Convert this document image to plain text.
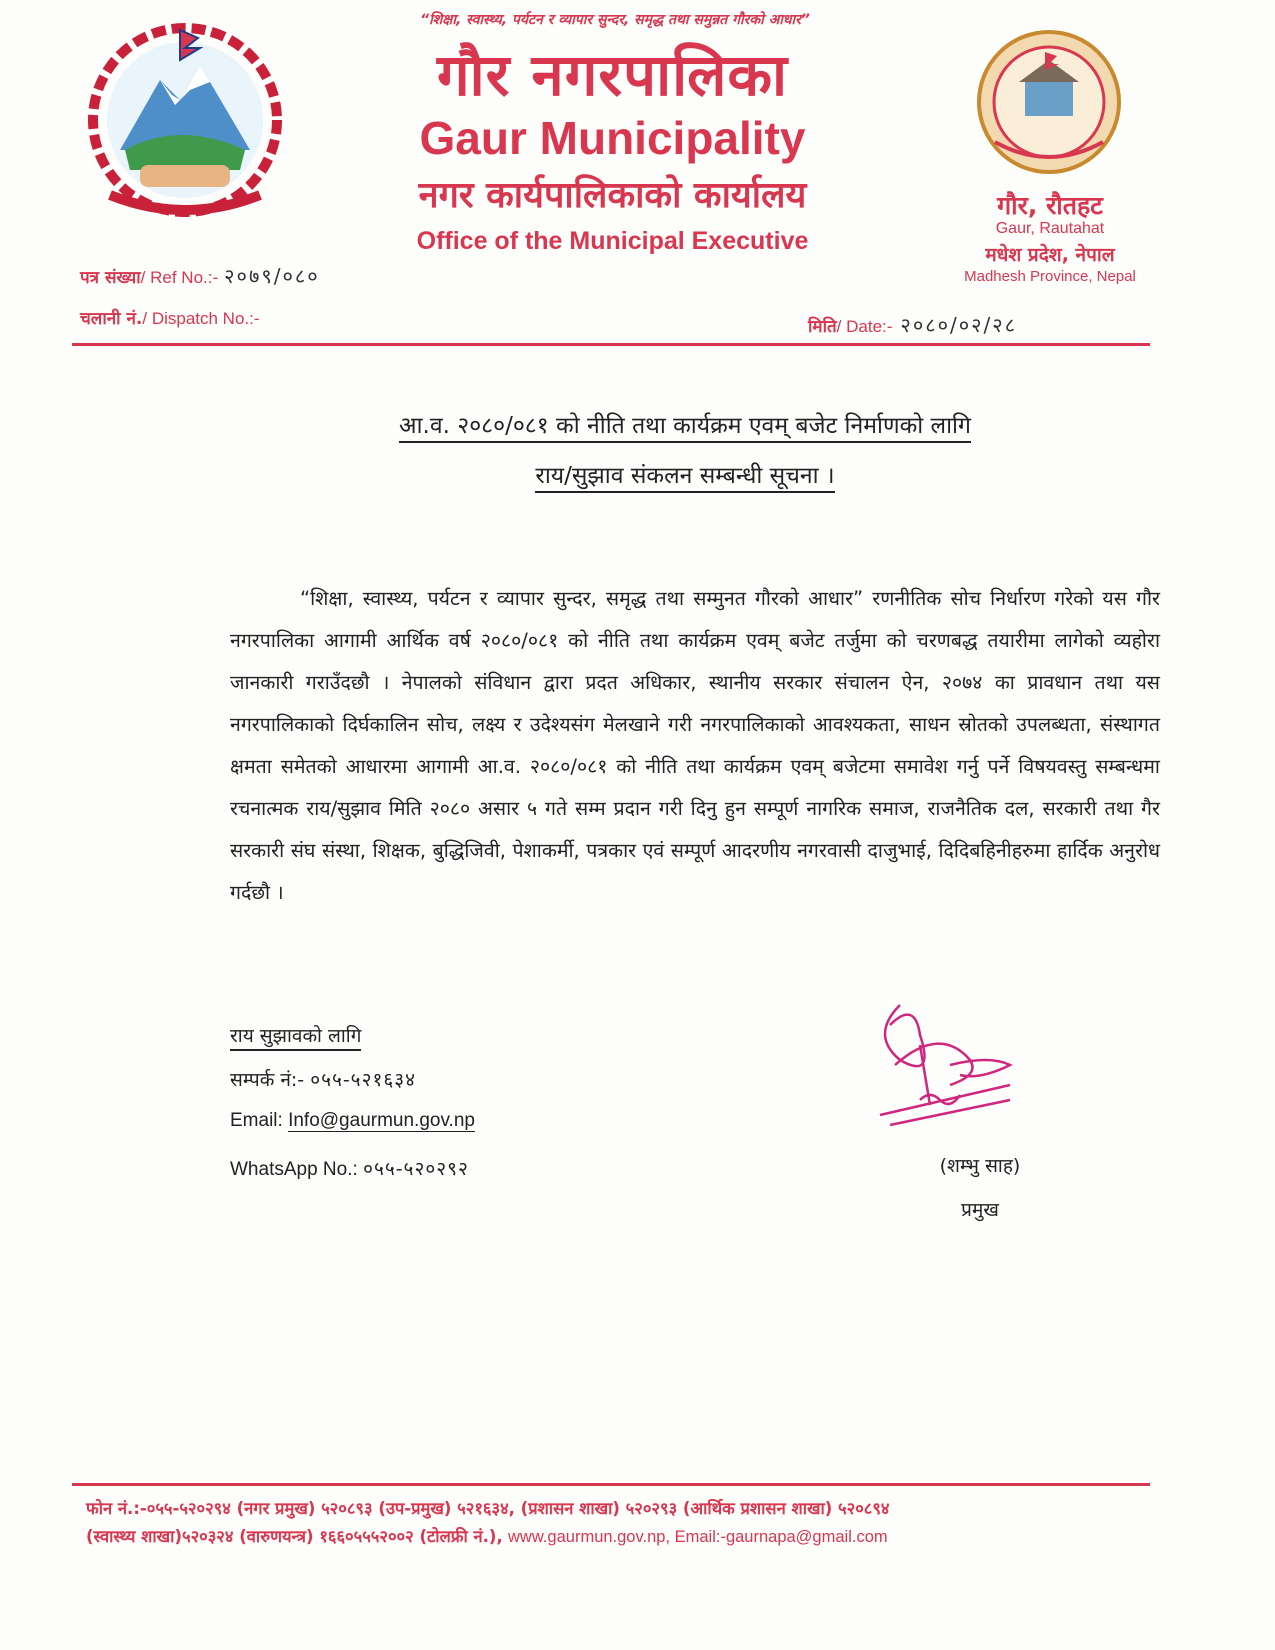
“शिक्षा, स्वास्थ्य, पर्यटन र व्यापार सुन्दर, समृद्ध तथा समुन्नत गौरको आधार”
गौर नगरपालिका
Gaur Municipality
नगर कार्यपालिकाको कार्यालय
Office of the Municipal Executive
गौर, रौतहट
Gaur, Rautahat
मधेश प्रदेश, नेपाल
Madhesh Province, Nepal
पत्र संख्या/ Ref No.:- २०७९/०८०
चलानी नं./ Dispatch No.:-	मिति/ Date:- २०८०/०२/२८
आ.व. २०८०/०८१ को नीति तथा कार्यक्रम एवम् बजेट निर्माणको लागि
राय/सुझाव संकलन सम्बन्धी सूचना ।
“शिक्षा, स्वास्थ्य, पर्यटन र व्यापार सुन्दर, समृद्ध तथा सम्मुनत गौरको आधार” रणनीतिक सोच निर्धारण गरेको यस गौर नगरपालिका आगामी आर्थिक वर्ष २०८०/०८१ को नीति तथा कार्यक्रम एवम् बजेट तर्जुमा को चरणबद्ध तयारीमा लागेको व्यहोरा जानकारी गराउँदछौ । नेपालको संविधान द्वारा प्रदत अधिकार, स्थानीय सरकार संचालन ऐन, २०७४ का प्रावधान तथा यस नगरपालिकाको दिर्घकालिन सोच, लक्ष्य र उदेश्यसंग मेलखाने गरी नगरपालिकाको आवश्यकता, साधन स्रोतको उपलब्धता, संस्थागत क्षमता समेतको आधारमा आगामी आ.व. २०८०/०८१ को नीति तथा कार्यक्रम एवम् बजेटमा समावेश गर्नु पर्ने विषयवस्तु सम्बन्धमा रचनात्मक राय/सुझाव मिति २०८० असार ५ गते सम्म प्रदान गरी दिनु हुन सम्पूर्ण नागरिक समाज, राजनैतिक दल, सरकारी तथा गैर सरकारी संघ संस्था, शिक्षक, बुद्धिजिवी, पेशाकर्मी, पत्रकार एवं सम्पूर्ण आदरणीय नगरवासी दाजुभाई, दिदिबहिनीहरुमा हार्दिक अनुरोध गर्दछौ ।
राय सुझावको लागि
सम्पर्क नं:- ०५५-५२१६३४
Email: Info@gaurmun.gov.np
WhatsApp No.: ०५५-५२०२९२	(शम्भु साह)
प्रमुख
फोन नं.:-०५५-५२०२९४ (नगर प्रमुख) ५२०८९३ (उप-प्रमुख) ५२१६३४, (प्रशासन शाखा) ५२०२९३ (आर्थिक प्रशासन शाखा) ५२०८९४
(स्वास्थ्य शाखा)५२०३२४ (वारुणयन्त्र) १६६०५५५२००२ (टोलफ्री नं.), www.gaurmun.gov.np, Email:-gaurnapa@gmail.com
